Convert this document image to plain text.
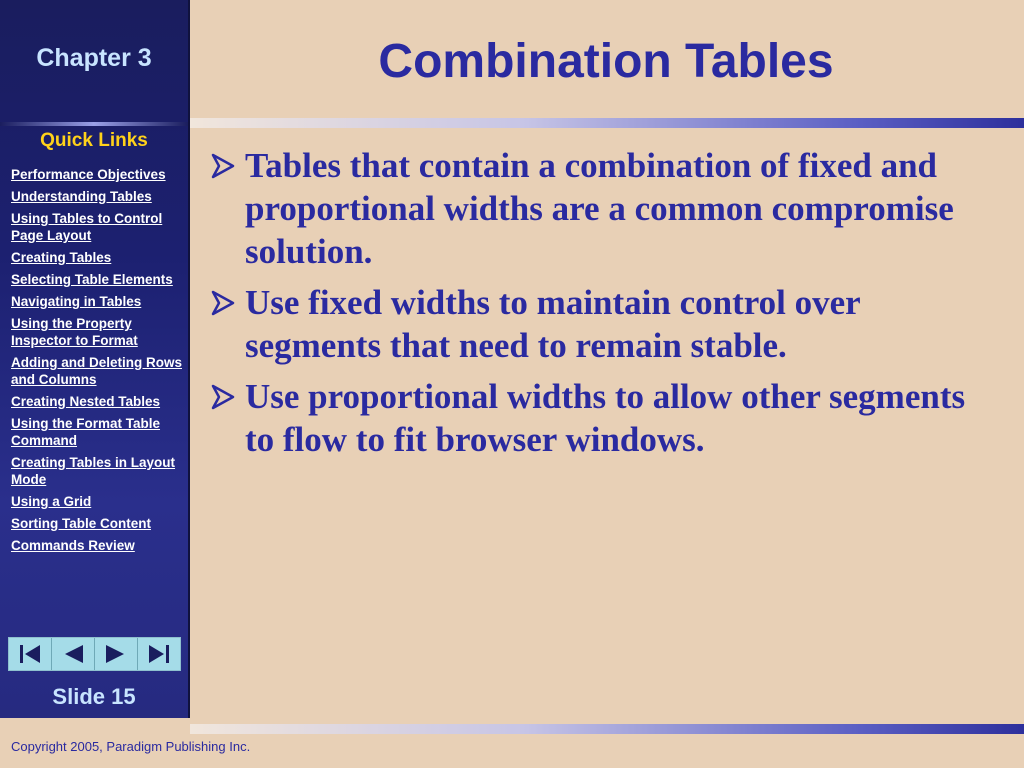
Chapter 3
Quick Links
Performance Objectives
Understanding Tables
Using Tables to Control Page Layout
Creating Tables
Selecting Table Elements
Navigating in Tables
Using the Property Inspector to Format
Adding and Deleting Rows and Columns
Creating Nested Tables
Using the Format Table Command
Creating Tables in Layout Mode
Using a Grid
Sorting Table Content
Commands Review
Slide 15
Combination Tables
Tables that contain a combination of fixed and proportional widths are a common compromise solution.
Use fixed widths to maintain control over segments that need to remain stable.
Use proportional widths to allow other segments to flow to fit browser windows.
Copyright 2005, Paradigm Publishing Inc.
